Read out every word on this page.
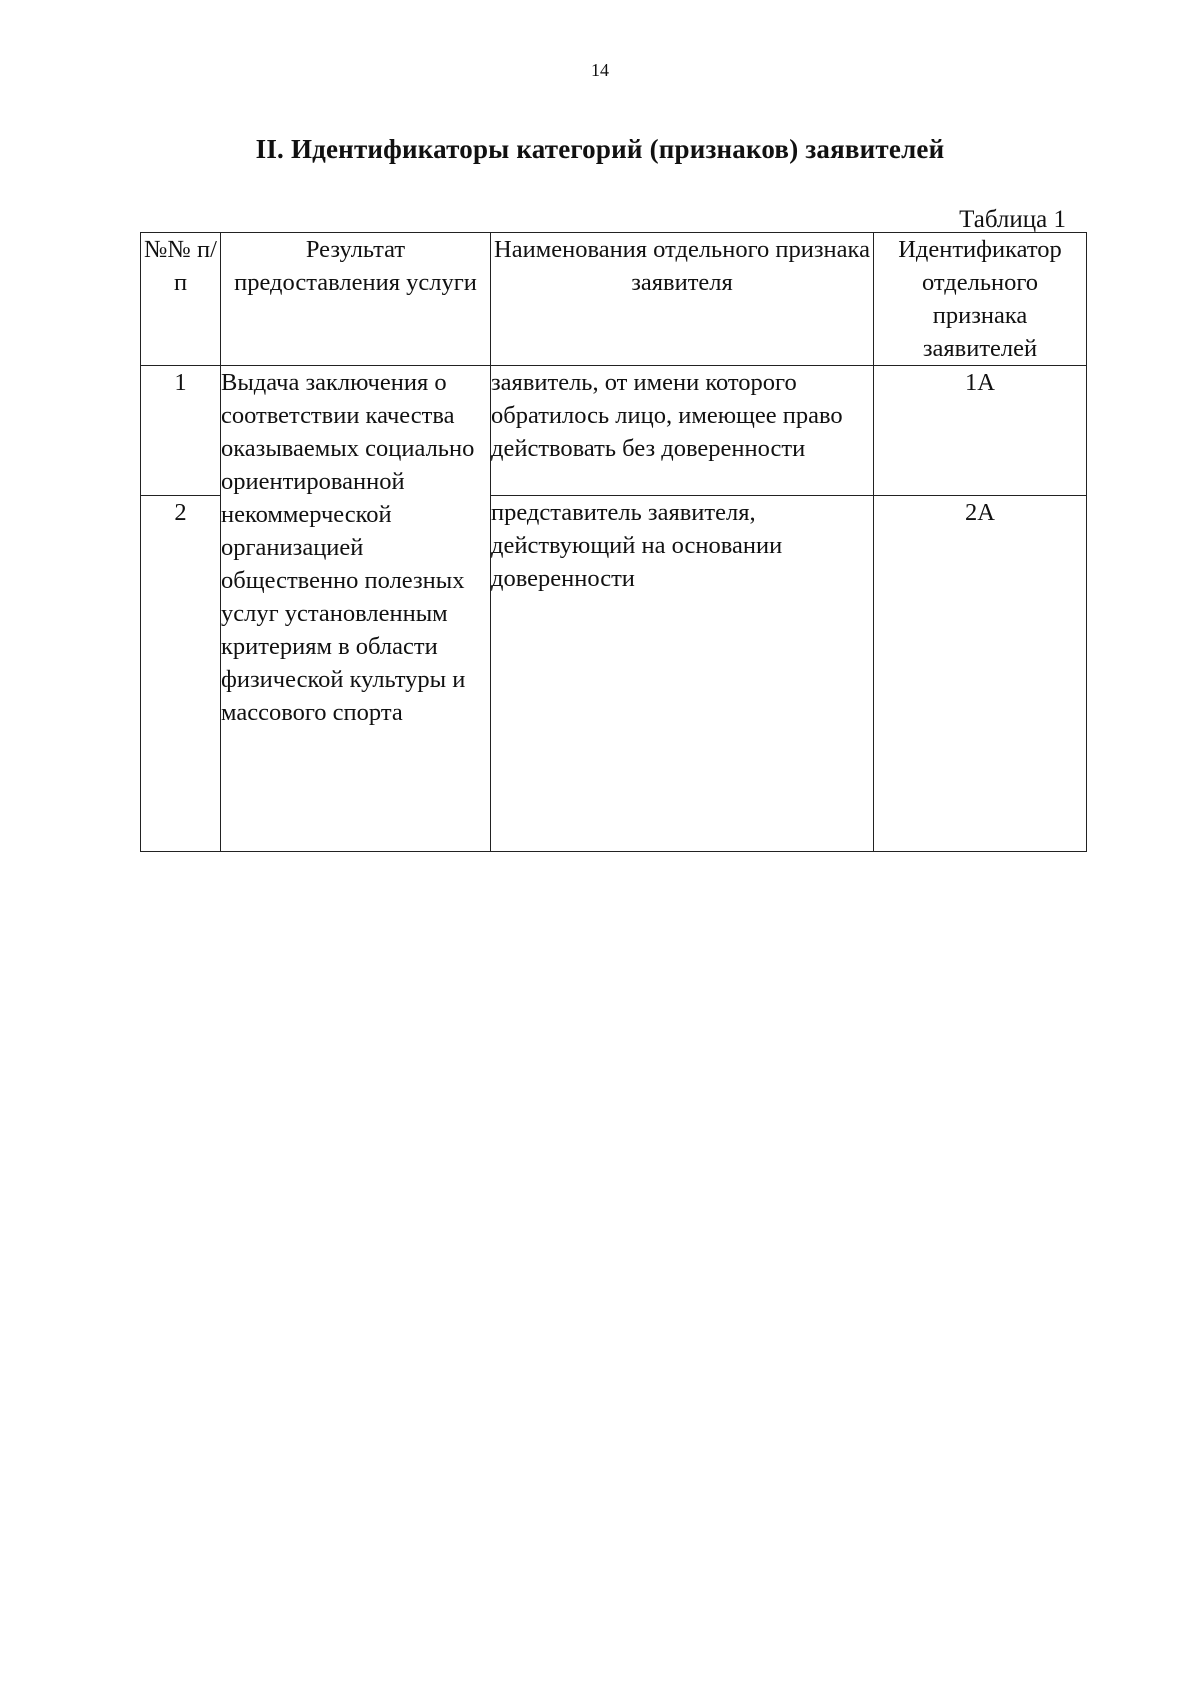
14
II. Идентификаторы категорий (признаков) заявителей
Таблица 1
№№ п/п	Результат предоставления услуги	Наименования отдельного признака заявителя	Идентификатор отдельного признака заявителей
1	Выдача заключения о соответствии качества оказываемых социально ориентированной некоммерческой организацией общественно полезных услуг установленным критериям в области физической культуры и массового спорта	заявитель, от имени которого обратилось лицо, имеющее право действовать без доверенности	1А
2		представитель заявителя, действующий на основании доверенности	2А
